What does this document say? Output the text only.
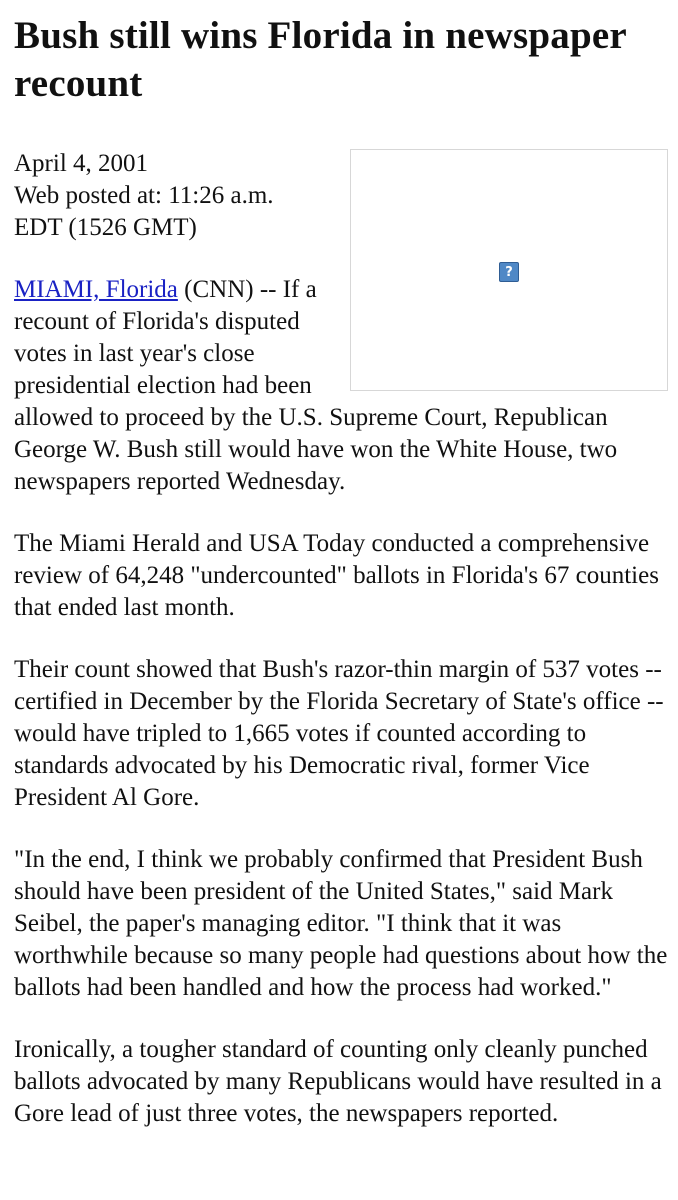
Bush still wins Florida in newspaper recount
?
April 4, 2001
Web posted at: 11:26 a.m.
EDT (1526 GMT)

MIAMI, Florida (CNN) -- If a recount of Florida's disputed votes in last year's close presidential election had been allowed to proceed by the U.S. Supreme Court, Republican George W. Bush still would have won the White House, two newspapers reported Wednesday.

The Miami Herald and USA Today conducted a comprehensive review of 64,248 "undercounted" ballots in Florida's 67 counties that ended last month.

Their count showed that Bush's razor-thin margin of 537 votes -- certified in December by the Florida Secretary of State's office -- would have tripled to 1,665 votes if counted according to standards advocated by his Democratic rival, former Vice President Al Gore.

"In the end, I think we probably confirmed that President Bush should have been president of the United States," said Mark Seibel, the paper's managing editor. "I think that it was worthwhile because so many people had questions about how the ballots had been handled and how the process had worked."

Ironically, a tougher standard of counting only cleanly punched ballots advocated by many Republicans would have resulted in a Gore lead of just three votes, the newspapers reported.
